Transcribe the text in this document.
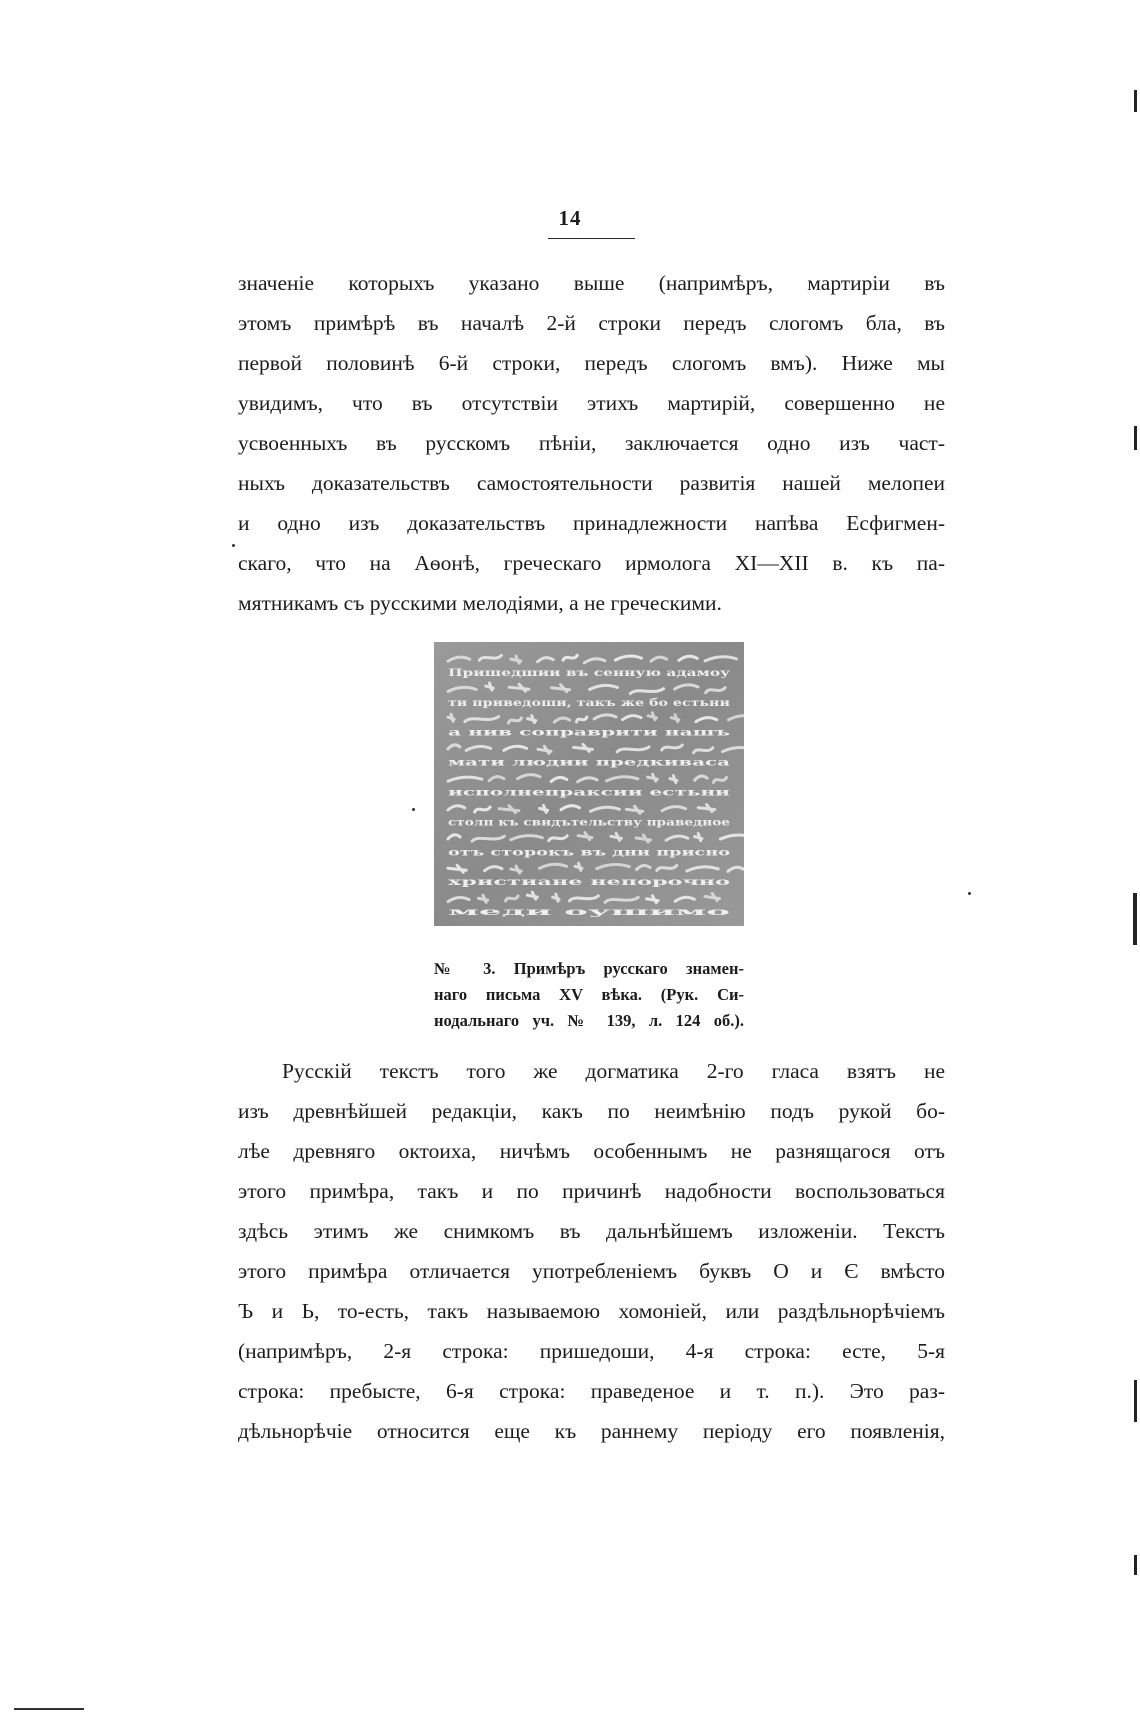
14
значеніе которыхъ указано выше (напримѣръ, мартиріи въ
этомъ примѣрѣ въ началѣ 2-й строки передъ слогомъ бла, въ
первой половинѣ 6-й строки, передъ слогомъ вмъ). Ниже мы
увидимъ, что въ отсутствіи этихъ мартирій, совершенно не
усвоенныхъ въ русскомъ пѣніи, заключается одно изъ част-
ныхъ доказательствъ самостоятельности развитія нашей мелопеи
и одно изъ доказательствъ принадлежности напѣва Есфигмен-
скаго, что на Аѳонѣ, греческаго ирмолога XI—XII в. къ па-
мятникамъ съ русскими мелодіями, а не греческими.
Пришедшии въ сенную адамоу
ти приведоши, такъ же бо естьни
а нив соправрити нашъ
мати людии предкиваса
исполнепраксии естьни
столп къ свидътельству праведное
отъ сторокъ въ дни присно
христиане непорочно
меди оушимо
№ 3. Примѣръ русскаго знамен-
наго письма XV вѣка. (Рук. Си-
нодальнаго уч. № 139, л. 124 об.).
Русскій текстъ того же догматика 2-го гласа взятъ не
изъ древнѣйшей редакціи, какъ по неимѣнію подъ рукой бо-
лѣе древняго октоиха, ничѣмъ особеннымъ не разнящагося отъ
этого примѣра, такъ и по причинѣ надобности воспользоваться
здѣсь этимъ же снимкомъ въ дальнѣйшемъ изложеніи. Текстъ
этого примѣра отличается употребленіемъ буквъ О и Є вмѣсто
Ъ и Ь, то-есть, такъ называемою хомоніей, или раздѣльнорѣчіемъ
(напримѣръ, 2-я строка: пришедоши, 4-я строка: есте, 5-я
строка: пребысте, 6-я строка: праведеное и т. п.). Это раз-
дѣльнорѣчіе относится еще къ раннему періоду его появленія,
